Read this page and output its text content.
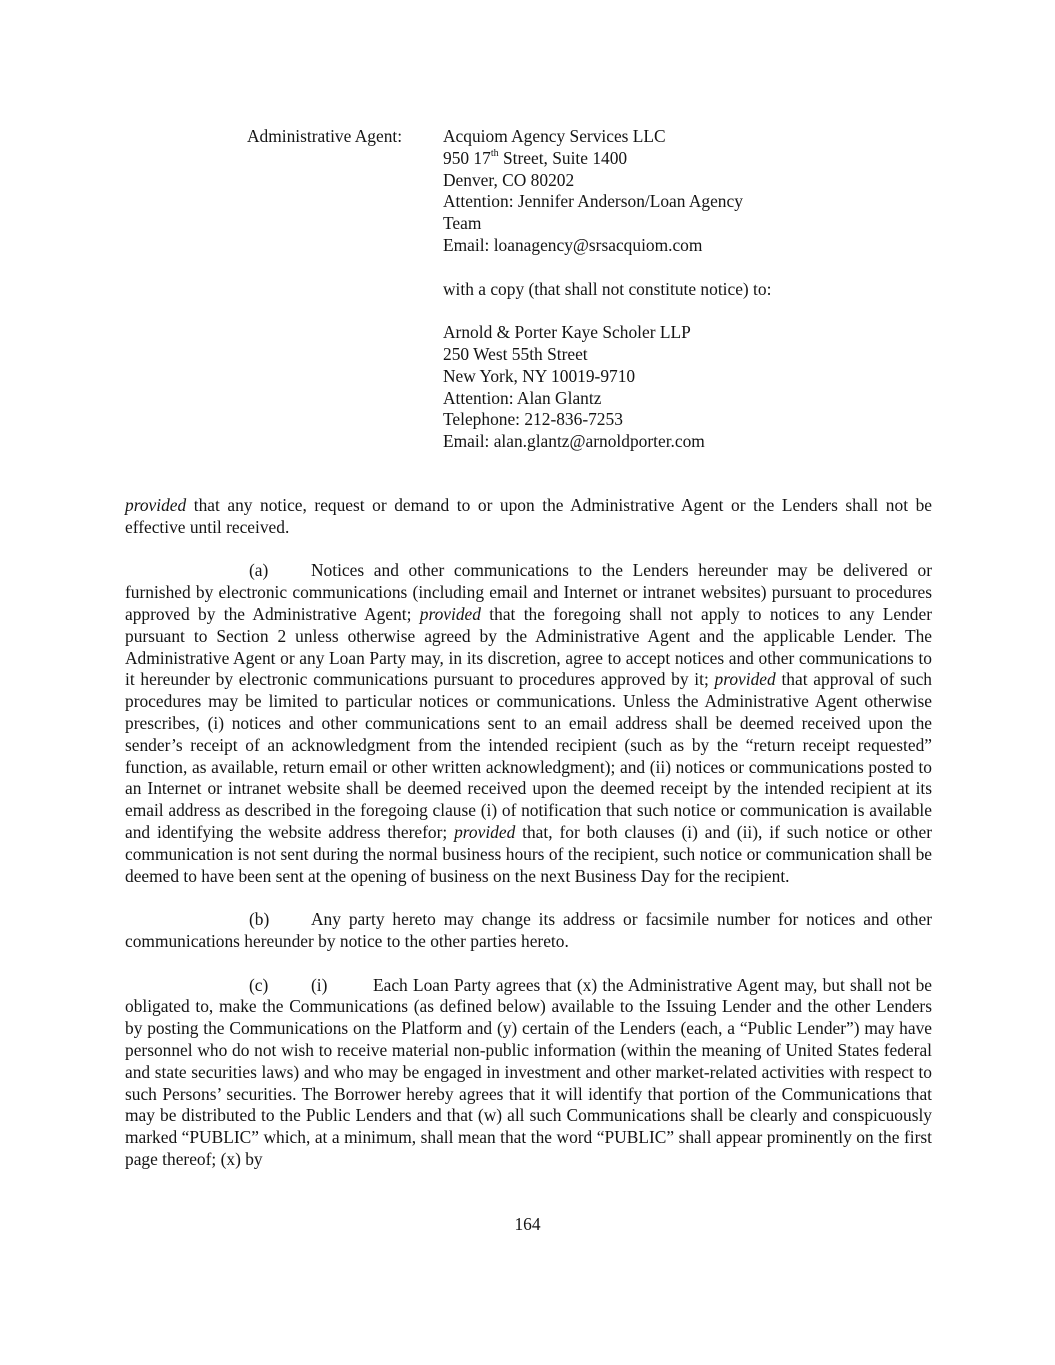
Administrative Agent:	Acquiom Agency Services LLC
950 17th Street, Suite 1400
Denver, CO 80202
Attention: Jennifer Anderson/Loan Agency
Team
Email: loanagency@srsacquiom.com
with a copy (that shall not constitute notice) to:
Arnold & Porter Kaye Scholer LLP
250 West 55th Street
New York, NY 10019-9710
Attention: Alan Glantz
Telephone: 212-836-7253
Email: alan.glantz@arnoldporter.com

provided that any notice, request or demand to or upon the Administrative Agent or the Lenders shall not be effective until received.

(a) Notices and other communications to the Lenders hereunder may be delivered or furnished by electronic communications (including email and Internet or intranet websites) pursuant to procedures approved by the Administrative Agent; provided that the foregoing shall not apply to notices to any Lender pursuant to Section 2 unless otherwise agreed by the Administrative Agent and the applicable Lender. The Administrative Agent or any Loan Party may, in its discretion, agree to accept notices and other communications to it hereunder by electronic communications pursuant to procedures approved by it; provided that approval of such procedures may be limited to particular notices or communications. Unless the Administrative Agent otherwise prescribes, (i) notices and other communications sent to an email address shall be deemed received upon the sender’s receipt of an acknowledgment from the intended recipient (such as by the “return receipt requested” function, as available, return email or other written acknowledgment); and (ii) notices or communications posted to an Internet or intranet website shall be deemed received upon the deemed receipt by the intended recipient at its email address as described in the foregoing clause (i) of notification that such notice or communication is available and identifying the website address therefor; provided that, for both clauses (i) and (ii), if such notice or other communication is not sent during the normal business hours of the recipient, such notice or communication shall be deemed to have been sent at the opening of business on the next Business Day for the recipient.

(b) Any party hereto may change its address or facsimile number for notices and other communications hereunder by notice to the other parties hereto.

(c) (i)	Each Loan Party agrees that (x) the Administrative Agent may, but shall not be obligated to, make the Communications (as defined below) available to the Issuing Lender and the other Lenders by posting the Communications on the Platform and (y) certain of the Lenders (each, a “Public Lender”) may have personnel who do not wish to receive material non-public information (within the meaning of United States federal and state securities laws) and who may be engaged in investment and other market-related activities with respect to such Persons’ securities. The Borrower hereby agrees that it will identify that portion of the Communications that may be distributed to the Public Lenders and that (w) all such Communications shall be clearly and conspicuously marked “PUBLIC” which, at a minimum, shall mean that the word “PUBLIC” shall appear prominently on the first page thereof; (x) by

164
